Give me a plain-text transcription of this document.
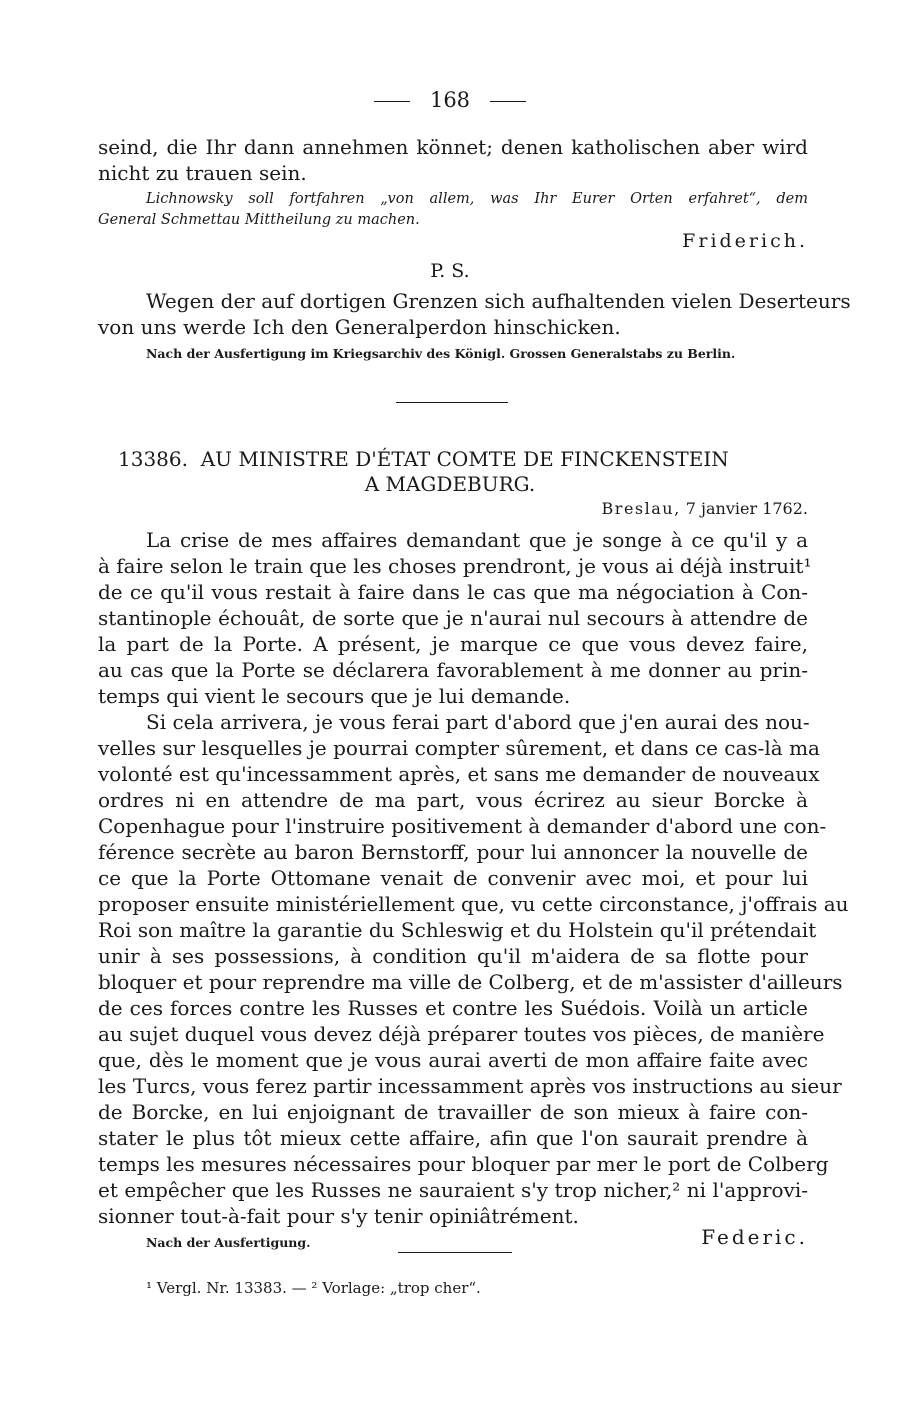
168
seind, die Ihr dann annehmen könnet; denen katholischen aber wird
nicht zu trauen sein.
Lichnowsky soll fortfahren „von allem, was Ihr Eurer Orten erfahret“, dem
General Schmettau Mittheilung zu machen.
Friderich.
P. S.
Wegen der auf dortigen Grenzen sich aufhaltenden vielen Deserteurs
von uns werde Ich den Generalperdon hinschicken.
Nach der Ausfertigung im Kriegsarchiv des Königl. Grossen Generalstabs zu Berlin.
13386. AU MINISTRE D'ÉTAT COMTE DE FINCKENSTEIN
A MAGDEBURG.
Breslau, 7 janvier 1762.
La crise de mes affaires demandant que je songe à ce qu'il y a
à faire selon le train que les choses prendront, je vous ai déjà instruit¹
de ce qu'il vous restait à faire dans le cas que ma négociation à Con-
stantinople échouât, de sorte que je n'aurai nul secours à attendre de
la part de la Porte. A présent, je marque ce que vous devez faire,
au cas que la Porte se déclarera favorablement à me donner au prin-
temps qui vient le secours que je lui demande.
Si cela arrivera, je vous ferai part d'abord que j'en aurai des nou-
velles sur lesquelles je pourrai compter sûrement, et dans ce cas-là ma
volonté est qu'incessamment après, et sans me demander de nouveaux
ordres ni en attendre de ma part, vous écrirez au sieur Borcke à
Copenhague pour l'instruire positivement à demander d'abord une con-
férence secrète au baron Bernstorff, pour lui annoncer la nouvelle de
ce que la Porte Ottomane venait de convenir avec moi, et pour lui
proposer ensuite ministériellement que, vu cette circonstance, j'offrais au
Roi son maître la garantie du Schleswig et du Holstein qu'il prétendait
unir à ses possessions, à condition qu'il m'aidera de sa flotte pour
bloquer et pour reprendre ma ville de Colberg, et de m'assister d'ailleurs
de ces forces contre les Russes et contre les Suédois. Voilà un article
au sujet duquel vous devez déjà préparer toutes vos pièces, de manière
que, dès le moment que je vous aurai averti de mon affaire faite avec
les Turcs, vous ferez partir incessamment après vos instructions au sieur
de Borcke, en lui enjoignant de travailler de son mieux à faire con-
stater le plus tôt mieux cette affaire, afin que l'on saurait prendre à
temps les mesures nécessaires pour bloquer par mer le port de Colberg
et empêcher que les Russes ne sauraient s'y trop nicher,² ni l'approvi-
sionner tout-à-fait pour s'y tenir opiniâtrément.
Nach der Ausfertigung.	Federic.
¹ Vergl. Nr. 13383. — ² Vorlage: „trop cher“.
